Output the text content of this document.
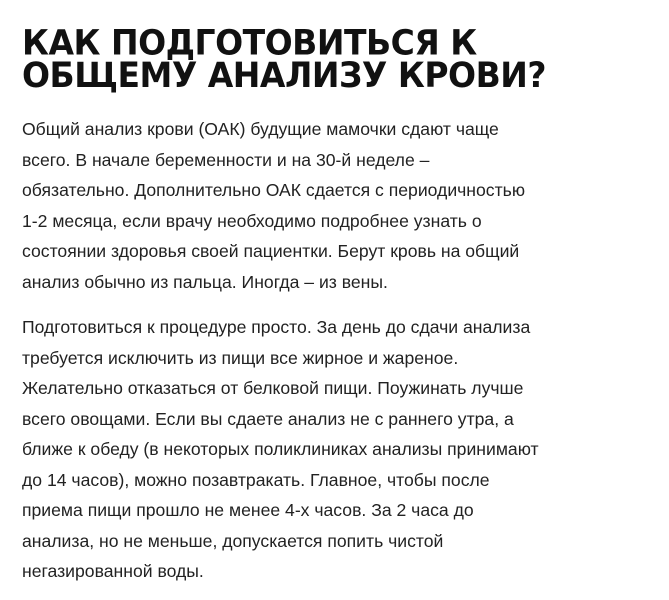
КАК ПОДГОТОВИТЬСЯ К
ОБЩЕМУ АНАЛИЗУ КРОВИ?

Общий анализ крови (ОАК) будущие мамочки сдают чаще
всего. В начале беременности и на 30-й неделе –
обязательно. Дополнительно ОАК сдается с периодичностью
1-2 месяца, если врачу необходимо подробнее узнать о
состоянии здоровья своей пациентки. Берут кровь на общий
анализ обычно из пальца. Иногда – из вены.

Подготовиться к процедуре просто. За день до сдачи анализа
требуется исключить из пищи все жирное и жареное.
Желательно отказаться от белковой пищи. Поужинать лучше
всего овощами. Если вы сдаете анализ не с раннего утра, а
ближе к обеду (в некоторых поликлиниках анализы принимают
до 14 часов), можно позавтракать. Главное, чтобы после
приема пищи прошло не менее 4-х часов. За 2 часа до
анализа, но не меньше, допускается попить чистой
негазированной воды.
